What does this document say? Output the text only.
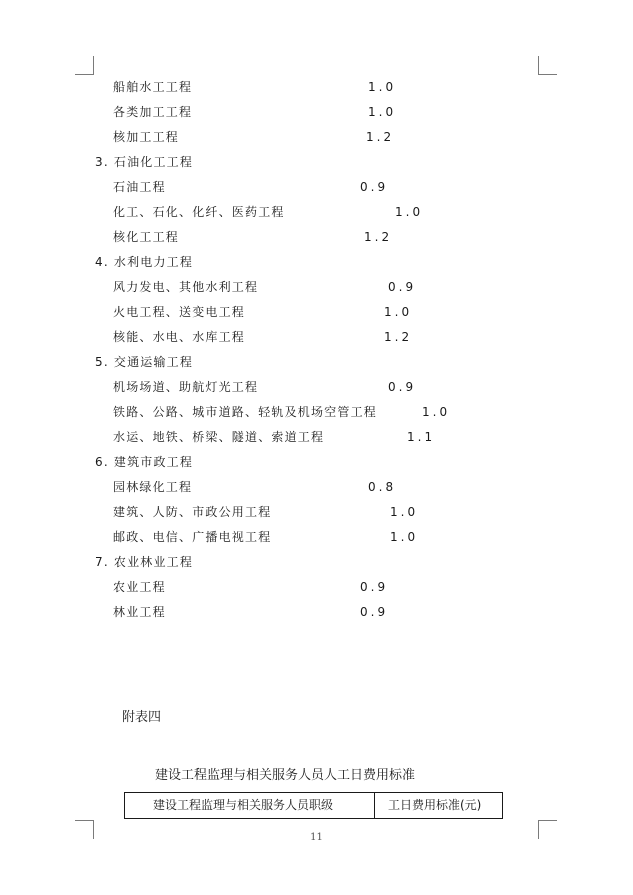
船舶水工工程	1.0
各类加工工程	1.0
核加工工程	1.2
3. 石油化工工程
石油工程	0.9
化工、石化、化纤、医药工程	1.0
核化工工程	1.2
4. 水利电力工程
风力发电、其他水利工程	0.9
火电工程、送变电工程	1.0
核能、水电、水库工程	1.2
5. 交通运输工程
机场场道、助航灯光工程	0.9
铁路、公路、城市道路、轻轨及机场空管工程	1.0
水运、地铁、桥梁、隧道、索道工程	1.1
6. 建筑市政工程
园林绿化工程	0.8
建筑、人防、市政公用工程	1.0
邮政、电信、广播电视工程	1.0
7. 农业林业工程
农业工程	0.9
林业工程	0.9
附表四
建设工程监理与相关服务人员人工日费用标准
建设工程监理与相关服务人员职级	工日费用标准(元)
11
